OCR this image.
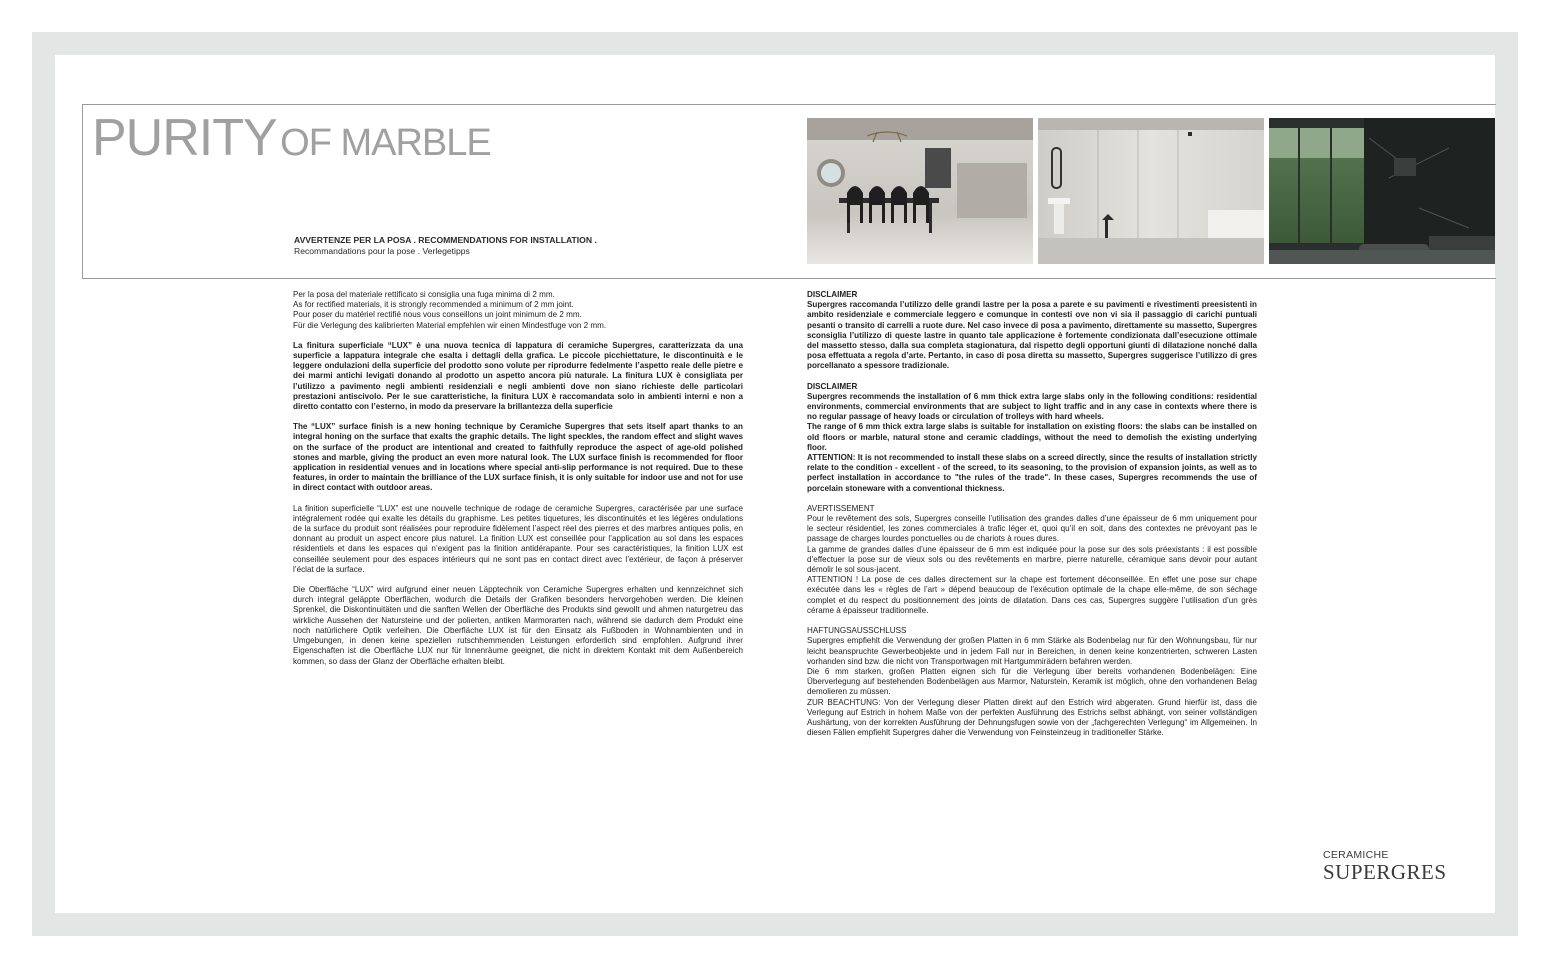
PURITY OF MARBLE
AVVERTENZE PER LA POSA . RECOMMENDATIONS FOR INSTALLATION .
Recommandations pour la pose . Verlegetipps
Per la posa del materiale rettificato si consiglia una fuga minima di 2 mm.
As for rectified materials, it is strongly recommended a minimum of 2 mm joint.
Pour poser du matériel rectifié nous vous conseillons un joint minimum de 2 mm.
Für die Verlegung des kalibrierten Material empfehlen wir einen Mindestfuge von 2 mm.
La finitura superficiale “LUX” è una nuova tecnica di lappatura di ceramiche Supergres, caratterizzata da una superficie a lappatura integrale che esalta i dettagli della grafica. Le piccole picchiettature, le discontinuità e le leggere ondulazioni della superficie del prodotto sono volute per riprodurre fedelmente l’aspetto reale delle pietre e dei marmi antichi levigati donando al prodotto un aspetto ancora più naturale. La finitura LUX è consigliata per l’utilizzo a pavimento negli ambienti residenziali e negli ambienti dove non siano richieste delle particolari prestazioni antiscivolo. Per le sue caratteristiche, la finitura LUX è raccomandata solo in ambienti interni e non a diretto contatto con l’esterno, in modo da preservare la brillantezza della superficie
The “LUX” surface finish is a new honing technique by Ceramiche Supergres that sets itself apart thanks to an integral honing on the surface that exalts the graphic details. The light speckles, the random effect and slight waves on the surface of the product are intentional and created to faithfully reproduce the aspect of age-old polished stones and marble, giving the product an even more natural look. The LUX surface finish is recommended for floor application in residential venues and in locations where special anti-slip performance is not required. Due to these features, in order to maintain the brilliance of the LUX surface finish, it is only suitable for indoor use and not for use in direct contact with outdoor areas.
La finition superficielle “LUX” est une nouvelle technique de rodage de ceramiche Supergres, caractérisée par une surface intégralement rodée qui exalte les détails du graphisme. Les petites tiquetures, les discontinuités et les légères ondulations de la surface du produit sont réalisées pour reproduire fidèlement l’aspect réel des pierres et des marbres antiques polis, en donnant au produit un aspect encore plus naturel. La finition LUX est conseillée pour l’application au sol dans les espaces résidentiels et dans les espaces qui n’exigent pas la finition antidérapante. Pour ses caractéristiques, la finition LUX est conseillée seulement pour des espaces intérieurs qui ne sont pas en contact direct avec l’extérieur, de façon à préserver l’éclat de la surface.
Die Oberfläche “LUX” wird aufgrund einer neuen Läpptechnik von Ceramiche Supergres erhalten und kennzeichnet sich durch integral geläppte Oberflächen, wodurch die Details der Grafiken besonders hervorgehoben werden. Die kleinen Sprenkel, die Diskontinuitäten und die sanften Wellen der Oberfläche des Produkts sind gewollt und ahmen naturgetreu das wirkliche Aussehen der Natursteine und der polierten, antiken Marmorarten nach, während sie dadurch dem Produkt eine noch natürlichere Optik verleihen. Die Oberfläche LUX ist für den Einsatz als Fußboden in Wohnambienten und in Umgebungen, in denen keine speziellen rutschhemmenden Leistungen erforderlich sind empfohlen. Aufgrund ihrer Eigenschaften ist die Oberfläche LUX nur für Innenräume geeignet, die nicht in direktem Kontakt mit dem Außenbereich kommen, so dass der Glanz der Oberfläche erhalten bleibt.
DISCLAIMER
Supergres raccomanda l’utilizzo delle grandi lastre per la posa a parete e su pavimenti e rivestimenti preesistenti in ambito residenziale e commerciale leggero e comunque in contesti ove non vi sia il passaggio di carichi puntuali pesanti o transito di carrelli a ruote dure. Nel caso invece di posa a pavimento, direttamente su massetto, Supergres sconsiglia l’utilizzo di queste lastre in quanto tale applicazione è fortemente condizionata dall’esecuzione ottimale del massetto stesso, dalla sua completa stagionatura, dal rispetto degli opportuni giunti di dilatazione nonché dalla posa effettuata a regola d’arte. Pertanto, in caso di posa diretta su massetto, Supergres suggerisce l’utilizzo di gres porcellanato a spessore tradizionale.
DISCLAIMER
Supergres recommends the installation of 6 mm thick extra large slabs only in the following conditions: residential environments, commercial environments that are subject to light traffic and in any case in contexts where there is no regular passage of heavy loads or circulation of trolleys with hard wheels.
The range of 6 mm thick extra large slabs is suitable for installation on existing floors: the slabs can be installed on old floors or marble, natural stone and ceramic claddings, without the need to demolish the existing underlying floor.
ATTENTION: It is not recommended to install these slabs on a screed directly, since the results of installation strictly relate to the condition - excellent - of the screed, to its seasoning, to the provision of expansion joints, as well as to perfect installation in accordance to "the rules of the trade". In these cases, Supergres recommends the use of porcelain stoneware with a conventional thickness.
AVERTISSEMENT
Pour le revêtement des sols, Supergres conseille l’utilisation des grandes dalles d’une épaisseur de 6 mm uniquement pour le secteur résidentiel, les zones commerciales à trafic léger et, quoi qu’il en soit, dans des contextes ne prévoyant pas le passage de charges lourdes ponctuelles ou de chariots à roues dures.
La gamme de grandes dalles d’une épaisseur de 6 mm est indiquée pour la pose sur des sols préexistants : il est possible d’effectuer la pose sur de vieux sols ou des revêtements en marbre, pierre naturelle, céramique sans devoir pour autant démolir le sol sous-jacent.
ATTENTION ! La pose de ces dalles directement sur la chape est fortement déconseillée. En effet une pose sur chape exécutée dans les « règles de l’art » dépend beaucoup de l’exécution optimale de la chape elle-même, de son séchage complet et du respect du positionnement des joints de dilatation. Dans ces cas, Supergres suggère l’utilisation d’un grès cérame à épaisseur traditionnelle.
HAFTUNGSAUSSCHLUSS
Supergres empfiehlt die Verwendung der großen Platten in 6 mm Stärke als Bodenbelag nur für den Wohnungsbau, für nur leicht beanspruchte Gewerbeobjekte und in jedem Fall nur in Bereichen, in denen keine konzentrierten, schweren Lasten vorhanden sind bzw. die nicht von Transportwagen mit Hartgummirädern befahren werden.
Die 6 mm starken, großen Platten eignen sich für die Verlegung über bereits vorhandenen Bodenbelägen: Eine Überverlegung auf bestehenden Bodenbelägen aus Marmor, Naturstein, Keramik ist möglich, ohne den vorhandenen Belag demolieren zu müssen.
ZUR BEACHTUNG: Von der Verlegung dieser Platten direkt auf den Estrich wird abgeraten. Grund hierfür ist, dass die Verlegung auf Estrich in hohem Maße von der perfekten Ausführung des Estrichs selbst abhängt, von seiner vollständigen Aushärtung, von der korrekten Ausführung der Dehnungsfugen sowie von der „fachgerechten Verlegung“ im Allgemeinen. In diesen Fällen empfiehlt Supergres daher die Verwendung von Feinsteinzeug in traditioneller Stärke.
CERAMICHE
SUPERGRES
